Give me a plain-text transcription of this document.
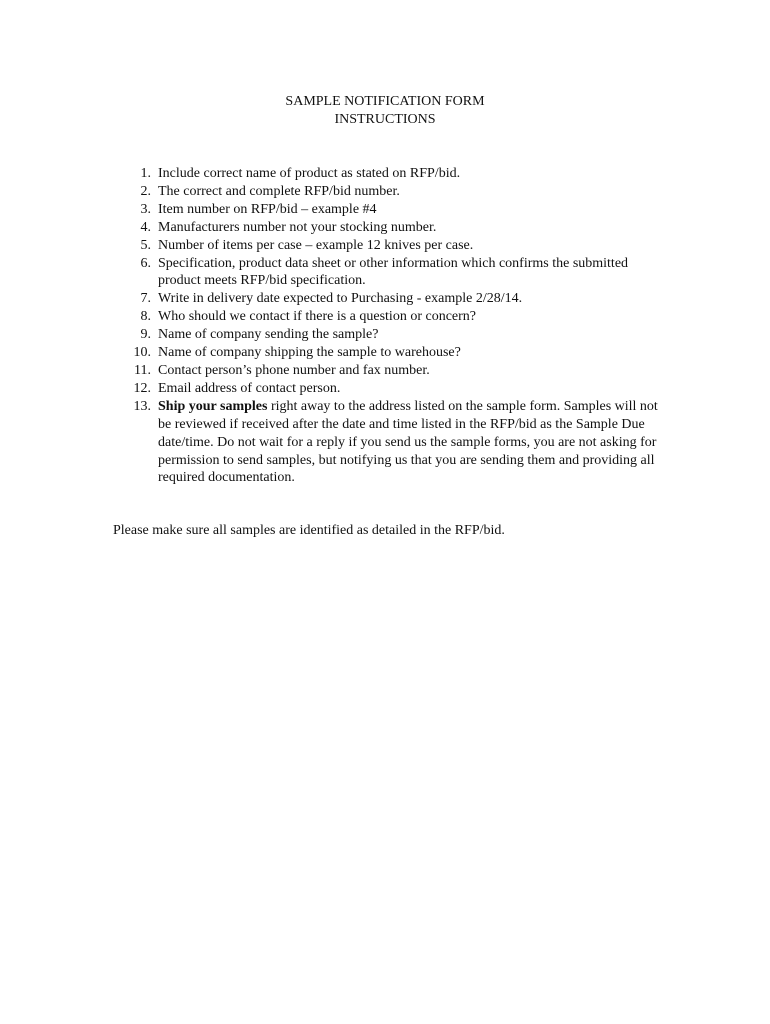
SAMPLE NOTIFICATION FORM
INSTRUCTIONS
1. Include correct name of product as stated on RFP/bid.
2. The correct and complete RFP/bid number.
3. Item number on RFP/bid – example #4
4. Manufacturers number not your stocking number.
5. Number of items per case – example 12 knives per case.
6. Specification, product data sheet or other information which confirms the submitted product meets RFP/bid specification.
7. Write in delivery date expected to Purchasing - example 2/28/14.
8. Who should we contact if there is a question or concern?
9. Name of company sending the sample?
10. Name of company shipping the sample to warehouse?
11. Contact person’s phone number and fax number.
12. Email address of contact person.
13. Ship your samples right away to the address listed on the sample form. Samples will not be reviewed if received after the date and time listed in the RFP/bid as the Sample Due date/time. Do not wait for a reply if you send us the sample forms, you are not asking for permission to send samples, but notifying us that you are sending them and providing all required documentation.
Please make sure all samples are identified as detailed in the RFP/bid.
